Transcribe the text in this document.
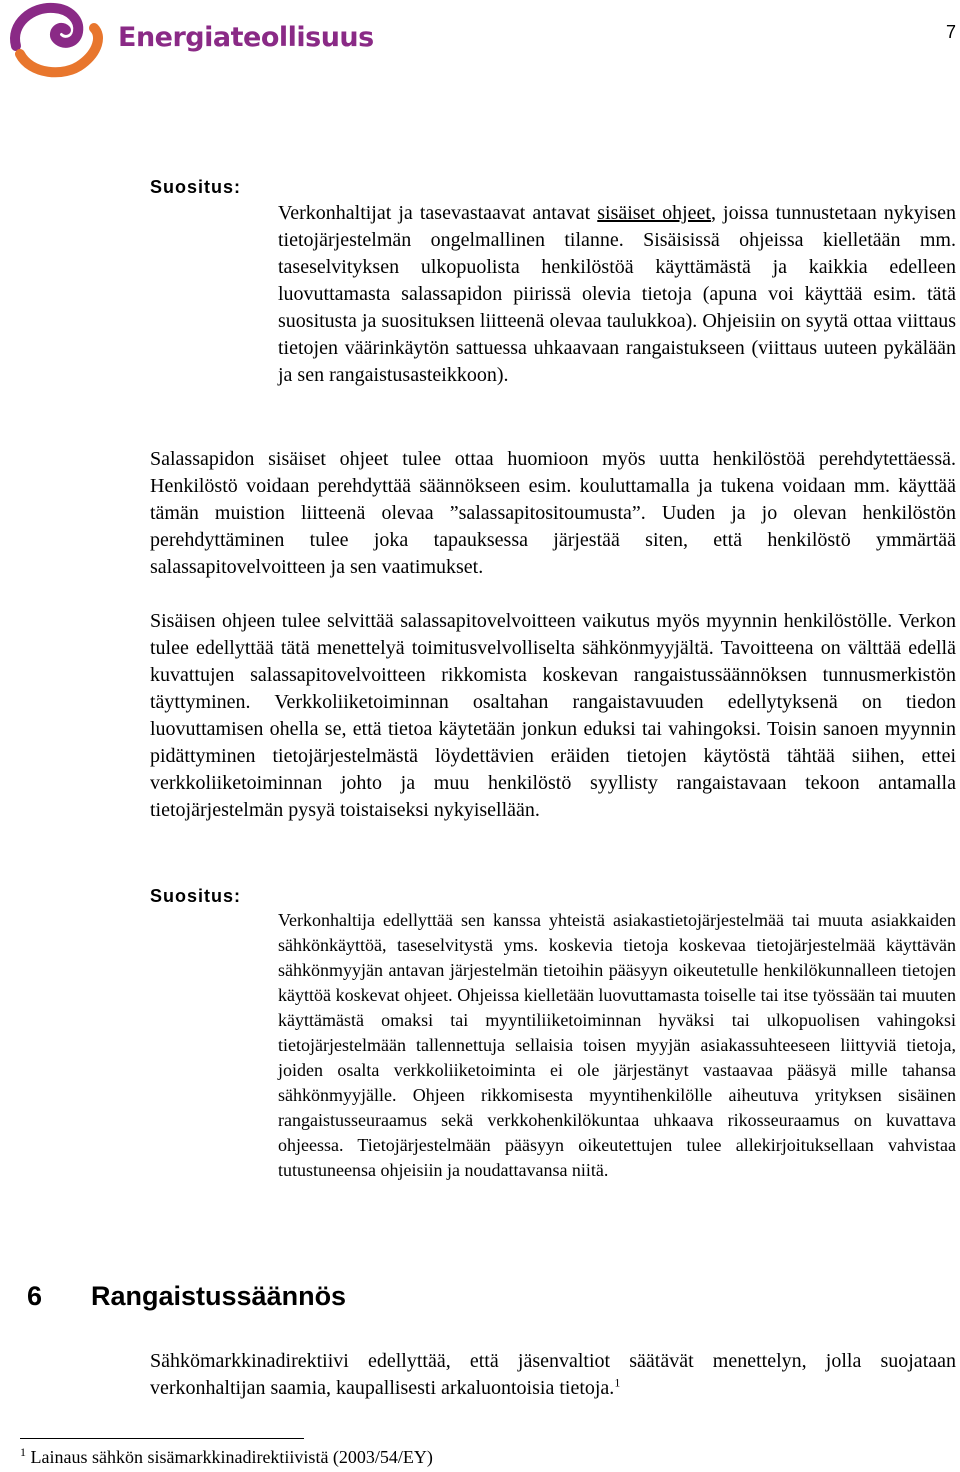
Energiateollisuus	7
Suositus:

Verkonhaltijat ja tasevastaavat antavat sisäiset ohjeet, joissa tunnustetaan nykyisen tietojärjestelmän ongelmallinen tilanne. Sisäisissä ohjeissa kielletään mm. taseselvityksen ulkopuolista henkilöstöä käyttämästä ja kaikkia edelleen luovuttamasta salassapidon piirissä olevia tietoja (apuna voi käyttää esim. tätä suositusta ja suosituksen liitteenä olevaa taulukkoa). Ohjeisiin on syytä ottaa viittaus tietojen väärinkäytön sattuessa uhkaavaan rangaistukseen (viittaus uuteen pykälään ja sen rangaistusasteikkoon).

Salassapidon sisäiset ohjeet tulee ottaa huomioon myös uutta henkilöstöä perehdytettäessä. Henkilöstö voidaan perehdyttää säännökseen esim. kouluttamalla ja tukena voidaan mm. käyttää tämän muistion liitteenä olevaa ”salassapitositoumusta”. Uuden ja jo olevan henkilöstön perehdyttäminen tulee joka tapauksessa järjestää siten, että henkilöstö ymmärtää salassapitovelvoitteen ja sen vaatimukset.

Sisäisen ohjeen tulee selvittää salassapitovelvoitteen vaikutus myös myynnin henkilöstölle. Verkon tulee edellyttää tätä menettelyä toimitusvelvolliselta sähkönmyyjältä. Tavoitteena on välttää edellä kuvattujen salassapitovelvoitteen rikkomista koskevan rangaistussäännöksen tunnusmerkistön täyttyminen. Verkkoliiketoiminnan osaltahan rangaistavuuden edellytyksenä on tiedon luovuttamisen ohella se, että tietoa käytetään jonkun eduksi tai vahingoksi. Toisin sanoen myynnin pidättyminen tietojärjestelmästä löydettävien eräiden tietojen käytöstä tähtää siihen, ettei verkkoliiketoiminnan johto ja muu henkilöstö syyllisty rangaistavaan tekoon antamalla tietojärjestelmän pysyä toistaiseksi nykyisellään.

Suositus:

Verkonhaltija edellyttää sen kanssa yhteistä asiakastietojärjestelmää tai muuta asiakkaiden sähkönkäyttöä, taseselvitystä yms. koskevia tietoja koskevaa tietojärjestelmää käyttävän sähkönmyyjän antavan järjestelmän tietoihin pääsyyn oikeutetulle henkilökunnalleen tietojen käyttöä koskevat ohjeet. Ohjeissa kielletään luovuttamasta toiselle tai itse työssään tai muuten käyttämästä omaksi tai myyntiliiketoiminnan hyväksi tai ulkopuolisen vahingoksi tietojärjestelmään tallennettuja sellaisia toisen myyjän asiakassuhteeseen liittyviä tietoja, joiden osalta verkkoliiketoiminta ei ole järjestänyt vastaavaa pääsyä mille tahansa sähkönmyyjälle. Ohjeen rikkomisesta myyntihenkilölle aiheutuva yrityksen sisäinen rangaistusseuraamus sekä verkkohenkilökuntaa uhkaava rikosseuraamus on kuvattava ohjeessa. Tietojärjestelmään pääsyyn oikeutettujen tulee allekirjoituksellaan vahvistaa tutustuneensa ohjeisiin ja noudattavansa niitä.

6 Rangaistussäännös

Sähkömarkkinadirektiivi edellyttää, että jäsenvaltiot säätävät menettelyn, jolla suojataan verkonhaltijan saamia, kaupallisesti arkaluontoisia tietoja.$^1$

$^1$ Lainaus sähkön sisämarkkinadirektiivistä (2003/54/EY)
